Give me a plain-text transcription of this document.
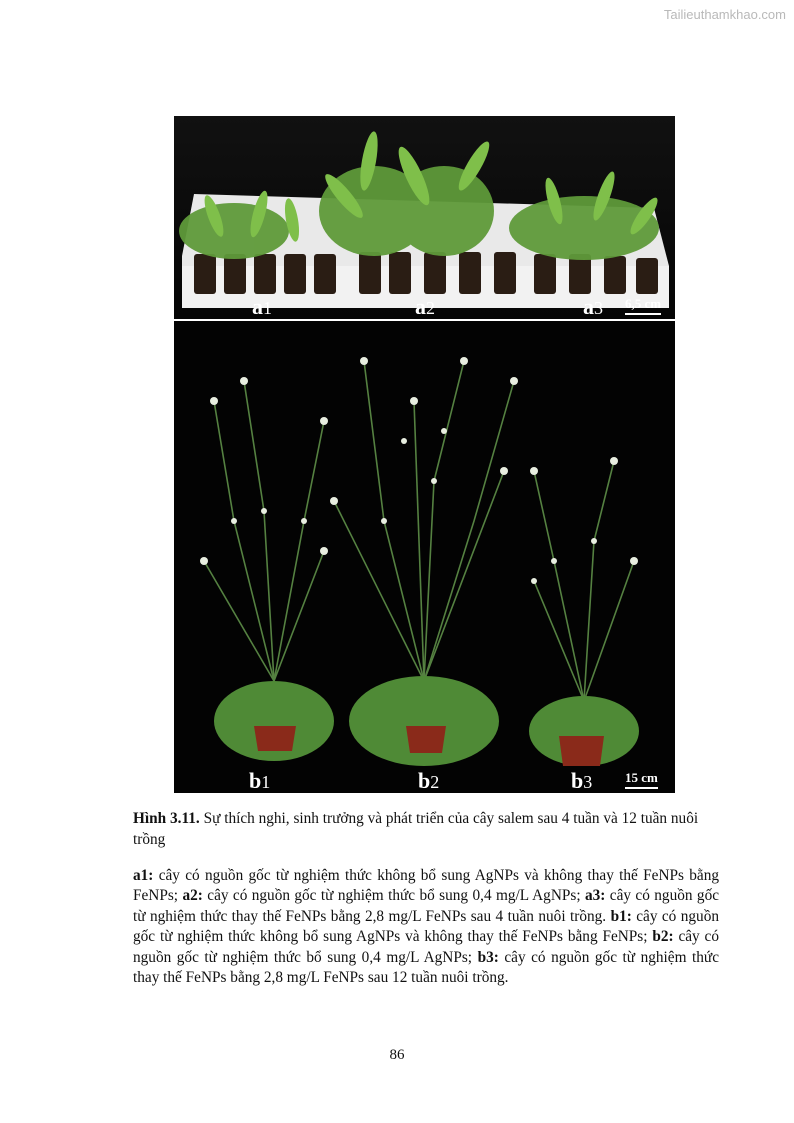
Tailieuthamkhao.com
a1	a2	a3 6,5 cm
b1	b2	b3	15 cm
Hình 3.11. Sự thích nghi, sinh trưởng và phát triển của cây salem sau 4 tuần và 12 tuần nuôi trồng
a1: cây có nguồn gốc từ nghiệm thức không bổ sung AgNPs và không thay thế FeNPs bằng FeNPs; a2: cây có nguồn gốc từ nghiệm thức bổ sung 0,4 mg/L AgNPs; a3: cây có nguồn gốc từ nghiệm thức thay thế FeNPs bằng 2,8 mg/L FeNPs sau 4 tuần nuôi trồng. b1: cây có nguồn gốc từ nghiệm thức không bổ sung AgNPs và không thay thế FeNPs bằng FeNPs; b2: cây có nguồn gốc từ nghiệm thức bổ sung 0,4 mg/L AgNPs; b3: cây có nguồn gốc từ nghiệm thức thay thế FeNPs bằng 2,8 mg/L FeNPs sau 12 tuần nuôi trồng.
86
